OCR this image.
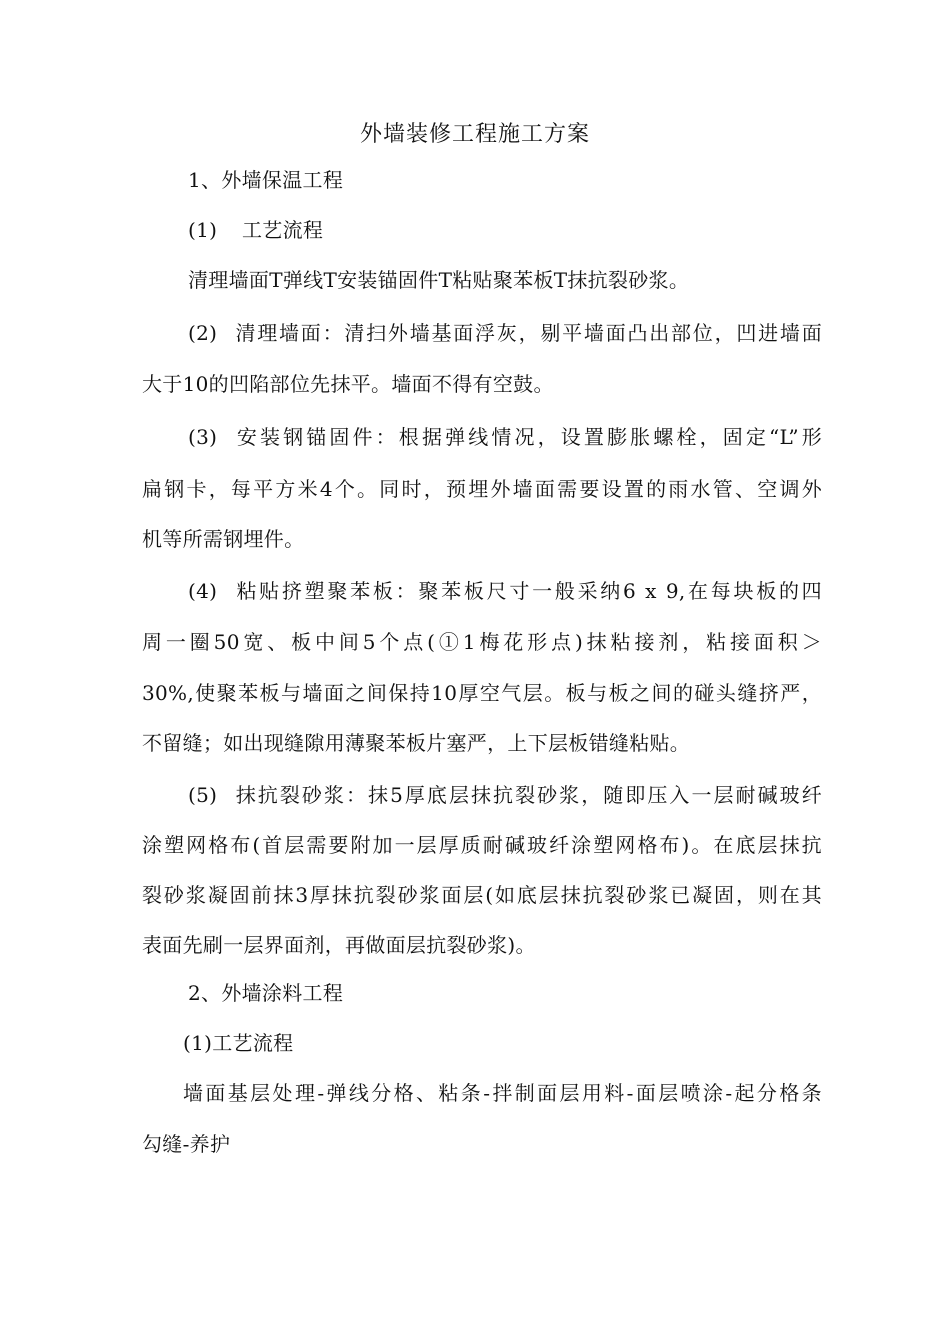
外墙装修工程施工方案
1、外墙保温工程
(1) 工艺流程
清理墙面T弹线T安装锚固件T粘贴聚苯板T抹抗裂砂浆。
(2) 清理墙面：清扫外墙基面浮灰，剔平墙面凸出部位，凹进墙面
大于10的凹陷部位先抹平。墙面不得有空鼓。
(3) 安装钢锚固件：根据弹线情况，设置膨胀螺栓，固定“L”形
扁钢卡，每平方米4个。同时，预埋外墙面需要设置的雨水管、空调外
机等所需钢埋件。
(4) 粘贴挤塑聚苯板：聚苯板尺寸一般采纳6 x 9,在每块板的四
周一圈50宽、板中间5个点(①1梅花形点)抹粘接剂，粘接面积＞
30%,使聚苯板与墙面之间保持10厚空气层。板与板之间的碰头缝挤严，
不留缝；如出现缝隙用薄聚苯板片塞严，上下层板错缝粘贴。
(5) 抹抗裂砂浆：抹5厚底层抹抗裂砂浆，随即压入一层耐碱玻纤
涂塑网格布(首层需要附加一层厚质耐碱玻纤涂塑网格布)。在底层抹抗
裂砂浆凝固前抹3厚抹抗裂砂浆面层(如底层抹抗裂砂浆已凝固，则在其
表面先刷一层界面剂，再做面层抗裂砂浆)。
2、外墙涂料工程
(1)工艺流程
墙面基层处理-弹线分格、粘条-拌制面层用料-面层喷涂-起分格条
勾缝-养护
